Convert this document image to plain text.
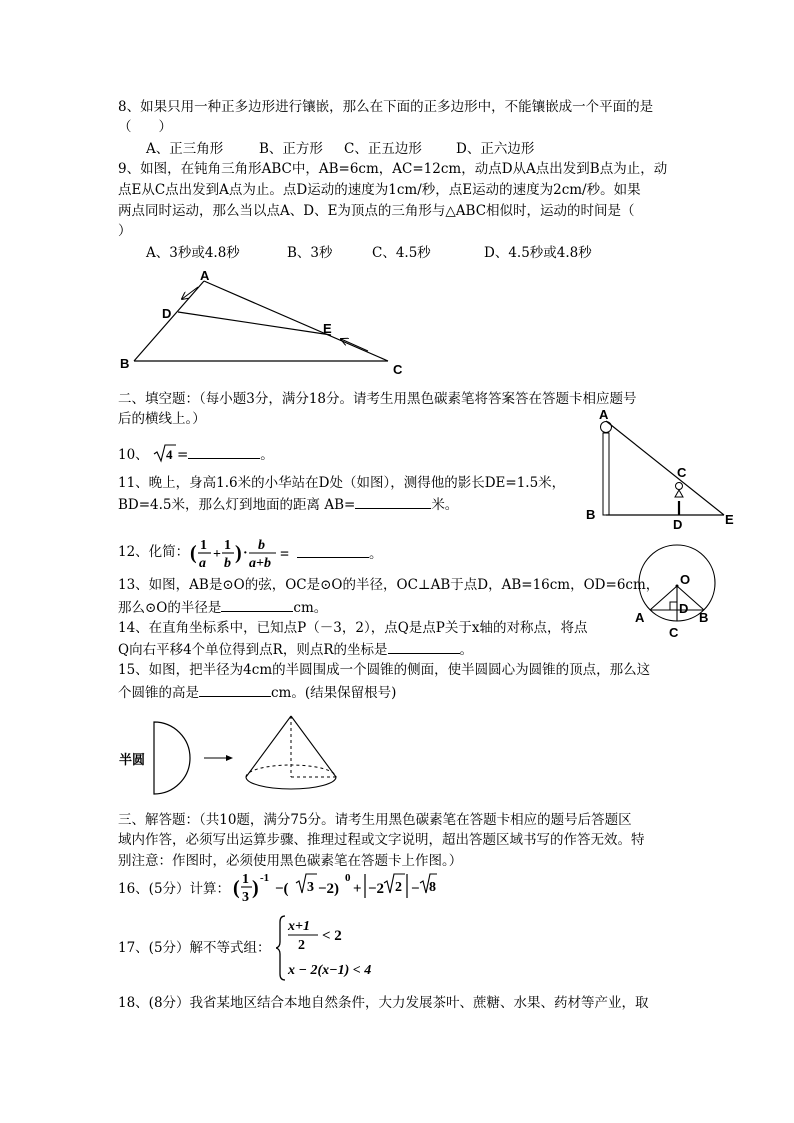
8、如果只用一种正多边形进行镶嵌，那么在下面的正多边形中，不能镶嵌成一个平面的是
（　　）
A、正三角形	B、正方形 C、正五边形	D、正六边形
9、如图，在钝角三角形ABC中，AB=6cm，AC=12cm，动点D从A点出发到B点为止，动
点E从C点出发到A点为止。点D运动的速度为1cm/秒，点E运动的速度为2cm/秒。如果
两点同时运动，那么当以点A、D、E为顶点的三角形与△ABC相似时，运动的时间是（
）
A、3秒或4.8秒	B、3秒	C、4.5秒	D、4.5秒或4.8秒
A
B	C
D
E
二、填空题：（每小题3分，满分18分。请考生用黑色碳素笔将答案答在答题卡相应题号
后的横线上。）
10、 4 =	。
11、晚上，身高1.6米的小华站在D处（如图），测得他的影长DE=1.5米，
BD=4.5米，那么灯到地面的距离 AB=	米。
A
B
C
D	E
12、化简： ( 1
a
+
1
b ) ·
b
a+b
=	。
13、如图，AB是⊙O的弦，OC是⊙O的半径，OC⊥AB于点D，AB=16cm，OD=6cm，
那么⊙O的半径是	cm。
O
A	B
C
D
14、在直角坐标系中，已知点P（－3，2），点Q是点P关于x轴的对称点，将点
Q向右平移4个单位得到点R，则点R的坐标是	。
15、如图，把半径为4cm的半圆围成一个圆锥的侧面，使半圆圆心为圆锥的顶点，那么这
个圆锥的高是	cm。(结果保留根号)
半圆
三、解答题：（共10题，满分75分。请考生用黑色碳素笔在答题卡相应的题号后答题区
域内作答，必须写出运算步骤、推理过程或文字说明，超出答题区域书写的作答无效。特
别注意：作图时，必须使用黑色碳素笔在答题卡上作图。）
16、(5分）计算： ( 1
3 ) -1
−( 3 −2)
0
+ −2 2 − 8
17、(5分）解不等式组：
x+1
2
< 2
x − 2(x−1) < 4
18、(8分）我省某地区结合本地自然条件，大力发展茶叶、蔗糖、水果、药材等产业，取
